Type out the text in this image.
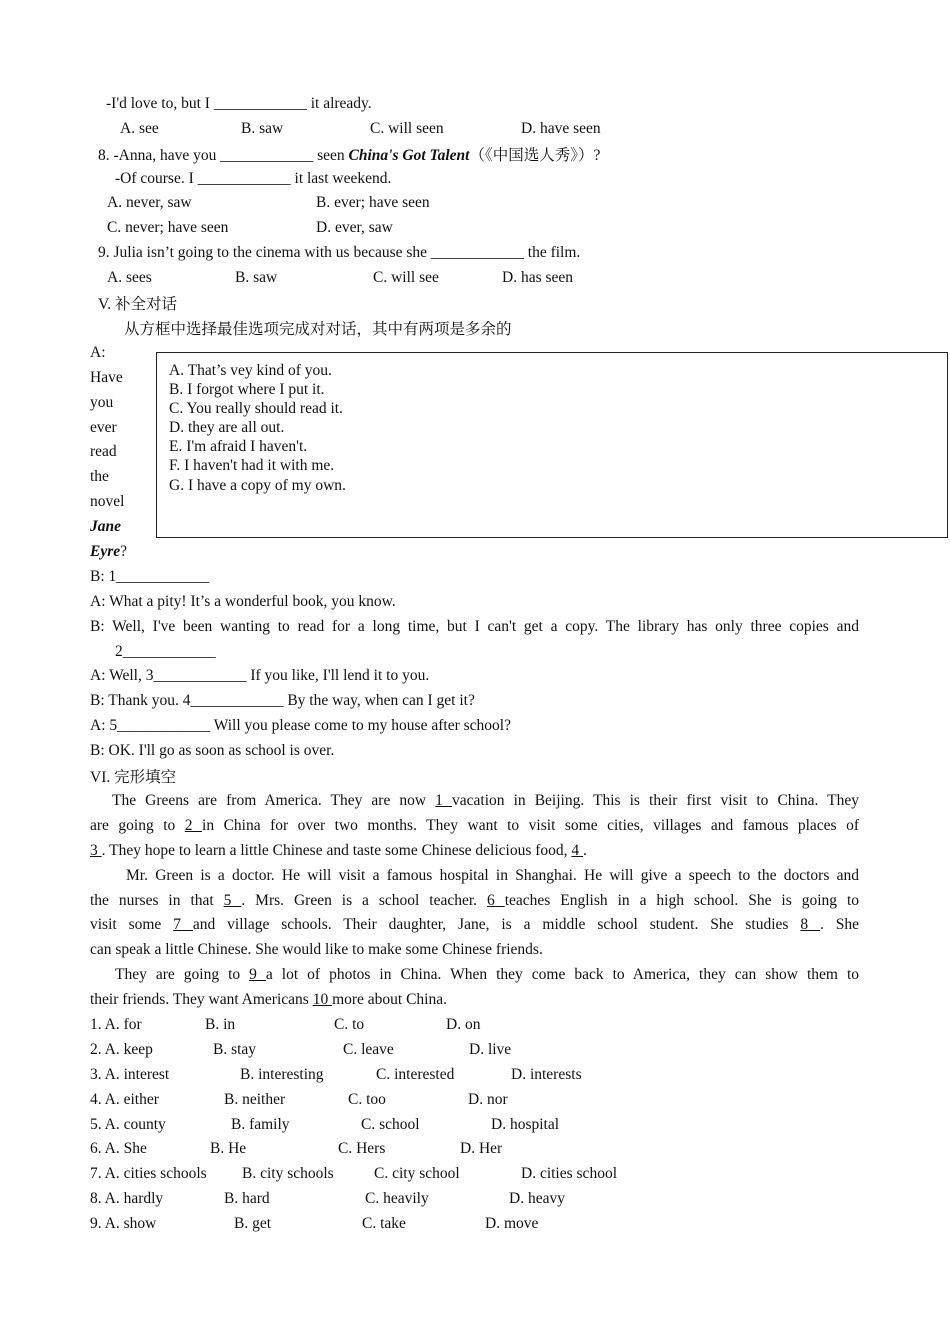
-I'd love to, but I ____________ it already.
A. see	B. saw	C. will seen	D. have seen
8. -Anna, have you ____________ seen China's Got Talent（《中国选人秀》）?
-Of course. I ____________ it last weekend.
A. never, saw	B. ever; have seen
C. never; have seen	D. ever, saw
9. Julia isn’t going to the cinema with us because she ____________ the film.
A. sees	B. saw	C. will see	D. has seen
V. 补全对话
从方框中选择最佳选项完成对对话，其中有两项是多余的
A:
Have
you
ever
read
the
novel
Jane
Eyre?
A. That’s vey kind of you.
B. I forgot where I put it.
C. You really should read it.
D. they are all out.
E. I'm afraid I haven't.
F. I haven't had it with me.
G. I have a copy of my own.
B: 1____________
A: What a pity! It’s a wonderful book, you know.
B: Well, I've been wanting to read for a long time, but I can't get a copy. The library has only three copies and
2____________
A: Well, 3____________ If you like, I'll lend it to you.
B: Thank you. 4____________ By the way, when can I get it?
A: 5____________ Will you please come to my house after school?
B: OK. I'll go as soon as school is over.
VI. 完形填空
The Greens are from America. They are now 1 vacation in Beijing. This is their first visit to China. They
are going to 2 in China for over two months. They want to visit some cities, villages and famous places of
3 . They hope to learn a little Chinese and taste some Chinese delicious food, 4 .
Mr. Green is a doctor. He will visit a famous hospital in Shanghai. He will give a speech to the doctors and
the nurses in that 5 . Mrs. Green is a school teacher. 6 teaches English in a high school. She is going to
visit some 7 and village schools. Their daughter, Jane, is a middle school student. She studies 8 . She
can speak a little Chinese. She would like to make some Chinese friends.
They are going to 9 a lot of photos in China. When they come back to America, they can show them to
their friends. They want Americans 10 more about China.
1. A. for	B. in	C. to	D. on
2. A. keep	B. stay	C. leave	D. live
3. A. interest	B. interesting	C. interested	D. interests
4. A. either	B. neither	C. too	D. nor
5. A. county	B. family	C. school	D. hospital
6. A. She	B. He	C. Hers	D. Her
7. A. cities schools B. city schools	C. city school	D. cities school
8. A. hardly	B. hard	C. heavily	D. heavy
9. A. show	B. get	C. take	D. move
